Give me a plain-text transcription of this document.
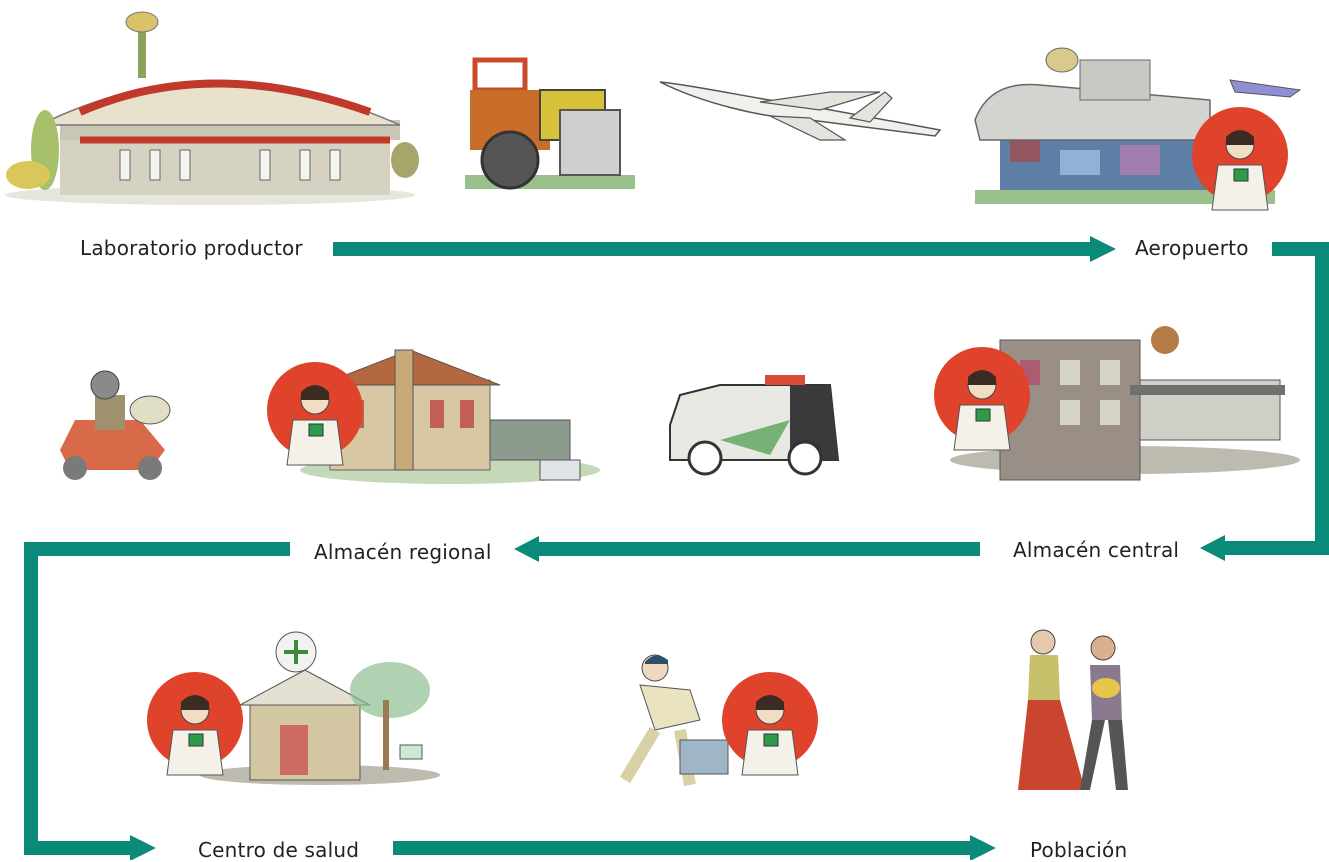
Laboratorio productor	Aeropuerto
Almacén central
Almacén regional
Centro de salud	Población
